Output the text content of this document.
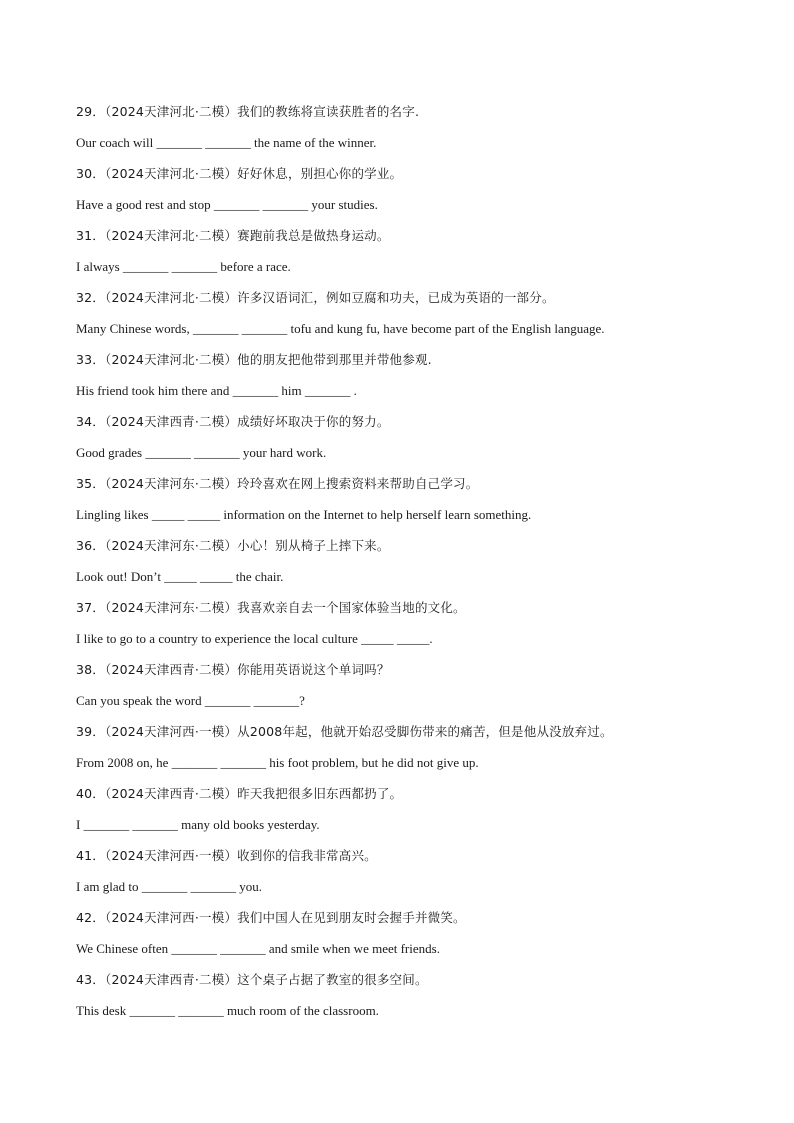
29．（2024天津河北·二模）我们的教练将宣读获胜者的名字.
Our coach will _______ _______ the name of the winner.
30．（2024天津河北·二模）好好休息，别担心你的学业。
Have a good rest and stop _______ _______ your studies.
31．（2024天津河北·二模）赛跑前我总是做热身运动。
I always _______ _______ before a race.
32．（2024天津河北·二模）许多汉语词汇，例如豆腐和功夫，已成为英语的一部分。
Many Chinese words, _______ _______ tofu and kung fu, have become part of the English language.
33．（2024天津河北·二模）他的朋友把他带到那里并带他参观.
His friend took him there and _______ him _______ .
34．（2024天津西青·二模）成绩好坏取决于你的努力。
Good grades _______ _______ your hard work.
35．（2024天津河东·二模）玲玲喜欢在网上搜索资料来帮助自己学习。
Lingling likes _____ _____ information on the Internet to help herself learn something.
36．（2024天津河东·二模）小心！别从椅子上摔下来。
Look out! Don’t _____ _____ the chair.
37．（2024天津河东·二模）我喜欢亲自去一个国家体验当地的文化。
I like to go to a country to experience the local culture _____ _____.
38．（2024天津西青·二模）你能用英语说这个单词吗？
Can you speak the word _______ _______?
39．（2024天津河西·一模）从2008年起，他就开始忍受脚伤带来的痛苦，但是他从没放弃过。
From 2008 on, he _______ _______ his foot problem, but he did not give up.
40．（2024天津西青·二模）昨天我把很多旧东西都扔了。
I _______ _______ many old books yesterday.
41．（2024天津河西·一模）收到你的信我非常高兴。
I am glad to _______ _______ you.
42．（2024天津河西·一模）我们中国人在见到朋友时会握手并微笑。
We Chinese often _______ _______ and smile when we meet friends.
43．（2024天津西青·二模）这个桌子占据了教室的很多空间。
This desk _______ _______ much room of the classroom.
